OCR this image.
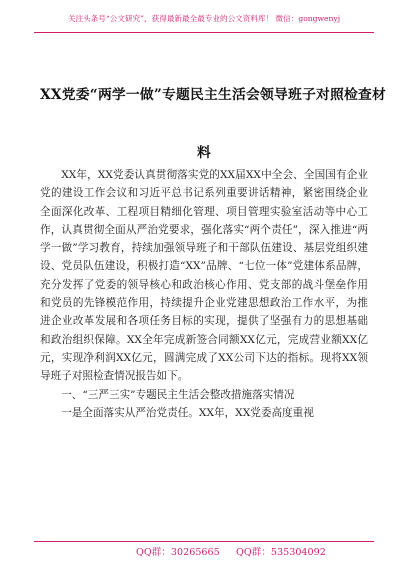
关注头条号“公文研究”，获得最新最全最专业的公文资料库！ 微信：gongwenyj
XX党委“两学一做”专题民主生活会领导班子对照检查材
料

XX年，XX党委认真贯彻落实党的XX届XX中全会、全国国有企业党的建设工作会议和习近平总书记系列重要讲话精神，紧密围绕企业全面深化改革、工程项目精细化管理、项目管理实验室活动等中心工作，认真贯彻全面从严治党要求，强化落实“两个责任”，深入推进“两学一做”学习教育，持续加强领导班子和干部队伍建设、基层党组织建设、党员队伍建设，积极打造“XX”品牌、“七位一体”党建体系品牌，充分发挥了党委的领导核心和政治核心作用、党支部的战斗堡垒作用和党员的先锋模范作用，持续提升企业党建思想政治工作水平，为推进企业改革发展和各项任务目标的实现，提供了坚强有力的思想基础和政治组织保障。XX全年完成新签合同额XX亿元，完成营业额XX亿元，实现净利润XX亿元，圆满完成了XX公司下达的指标。现将XX领导班子对照检查情况报告如下。

一、“三严三实”专题民主生活会整改措施落实情况

一是全面落实从严治党责任。XX年，XX党委高度重视

QQ群：30265665 QQ群：535304092
